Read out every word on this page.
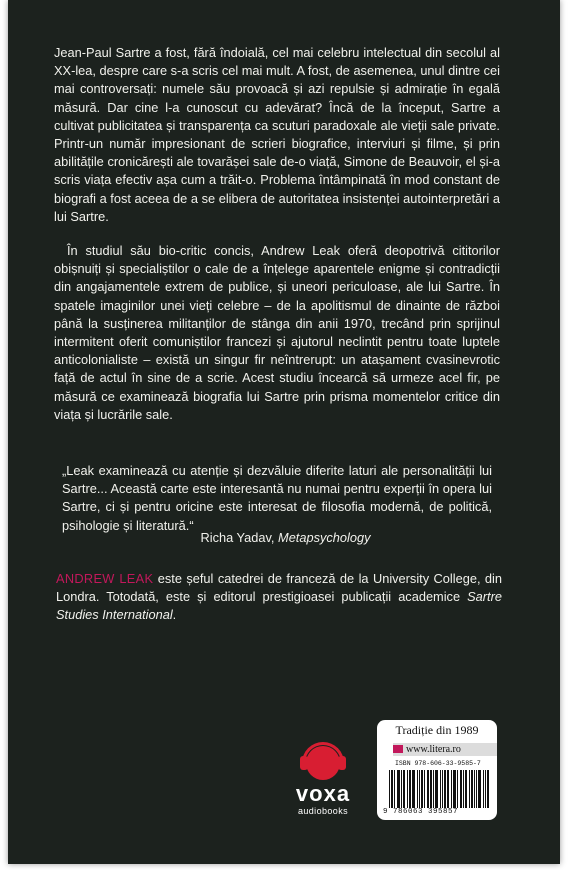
Jean-Paul Sartre a fost, fără îndoială, cel mai celebru intelectual din secolul al XX-lea, despre care s-a scris cel mai mult. A fost, de asemenea, unul dintre cei mai controversați: numele său provoacă și azi repulsie și admirație în egală măsură. Dar cine l-a cunoscut cu adevărat? Încă de la început, Sartre a cultivat publicitatea și transparența ca scuturi paradoxale ale vieții sale private. Printr-un număr impresionant de scrieri biografice, interviuri și filme, și prin abilitățile cronicărești ale tovarășei sale de-o viață, Simone de Beauvoir, el și-a scris viața efectiv așa cum a trăit-o. Problema întâmpinată în mod constant de biografi a fost aceea de a se elibera de autoritatea insistenței autointerpretări a lui Sartre.

În studiul său bio-critic concis, Andrew Leak oferă deopotrivă cititorilor obișnuiți și specialiștilor o cale de a înțelege aparentele enigme și contradicții din angajamentele extrem de publice, și uneori periculoase, ale lui Sartre. În spatele imaginilor unei vieți celebre – de la apolitismul de dinainte de război până la susținerea militanților de stânga din anii 1970, trecând prin sprijinul intermitent oferit comuniștilor francezi și ajutorul neclintit pentru toate luptele anticolonialiste – există un singur fir neîntrerupt: un atașament cvasinevrotic față de actul în sine de a scrie. Acest studiu încearcă să urmeze acel fir, pe măsură ce examinează biografia lui Sartre prin prisma momentelor critice din viața și lucrările sale.

„Leak examinează cu atenție și dezvăluie diferite laturi ale personalității lui Sartre... Această carte este interesantă nu numai pentru experții în opera lui Sartre, ci și pentru oricine este interesat de filosofia modernă, de politică, psihologie și literatură.“
Richa Yadav, Metapsychology
ANDREW LEAK este șeful catedrei de franceză de la University College, din Londra. Totodată, este și editorul prestigioasei publicații academice Sartre Studies International.
voxa
audiobooks
Tradiție din 1989
www.litera.ro
ISBN 978-606-33-9585-7
9 786063 395857
